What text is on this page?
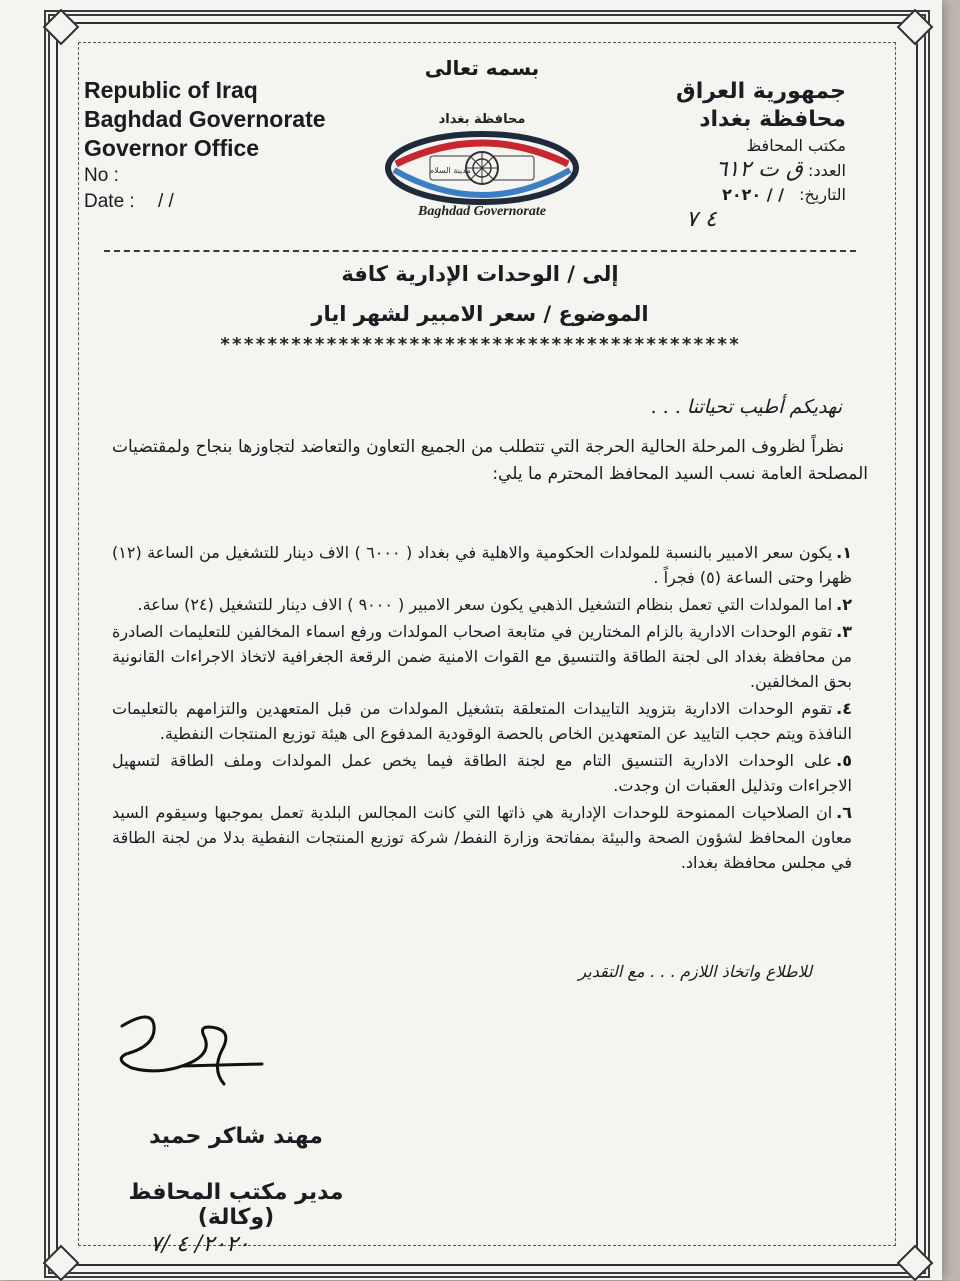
Republic of Iraq
Baghdad Governorate
Governor Office
No :
Date : / /
بسمه تعالى
محافظة بغداد
مدينة السلام
Baghdad Governorate
جمهورية العراق
محافظة بغداد
مكتب المحافظ
العدد: ق ت ٦١٢
التاريخ: / / ٢٠٢٠
٤ ٧
إلى / الوحدات الإدارية كافة
الموضوع / سعر الامبير لشهر ايار
********************************************
نهديكم أطيب تحياتنا . . .
نظراً لظروف المرحلة الحالية الحرجة التي تتطلب من الجميع التعاون والتعاضد لتجاوزها بنجاح ولمقتضيات المصلحة العامة نسب السيد المحافظ المحترم ما يلي:
١.يكون سعر الامبير بالنسبة للمولدات الحكومية والاهلية في بغداد ( ٦٠٠٠ ) الاف دينار للتشغيل من الساعة (١٢) ظهرا وحتى الساعة (٥) فجراً .
٢.اما المولدات التي تعمل بنظام التشغيل الذهبي يكون سعر الامبير ( ٩٠٠٠ ) الاف دينار للتشغيل (٢٤) ساعة.
٣.تقوم الوحدات الادارية بالزام المختارين في متابعة اصحاب المولدات ورفع اسماء المخالفين للتعليمات الصادرة من محافظة بغداد الى لجنة الطاقة والتنسيق مع القوات الامنية ضمن الرقعة الجغرافية لاتخاذ الاجراءات القانونية بحق المخالفين.
٤.تقوم الوحدات الادارية بتزويد التاييدات المتعلقة بتشغيل المولدات من قبل المتعهدين والتزامهم بالتعليمات النافذة ويتم حجب التاييد عن المتعهدين الخاص بالحصة الوقودية المدفوع الى هيئة توزيع المنتجات النفطية.
٥.على الوحدات الادارية التنسيق التام مع لجنة الطاقة فيما يخص عمل المولدات وملف الطاقة لتسهيل الاجراءات وتذليل العقبات ان وجدت.
٦.ان الصلاحيات الممنوحة للوحدات الإدارية هي ذاتها التي كانت المجالس البلدية تعمل بموجبها وسيقوم السيد معاون المحافظ لشؤون الصحة والبيئة بمفاتحة وزارة النفط/ شركة توزيع المنتجات النفطية بدلا من لجنة الطاقة في مجلس محافظة بغداد.
للاطلاع واتخاذ اللازم . . . مع التقدير
مهند شاكر حميد
مدير مكتب المحافظ (وكالة)
٢٠٢٠/ ٤ /٧
